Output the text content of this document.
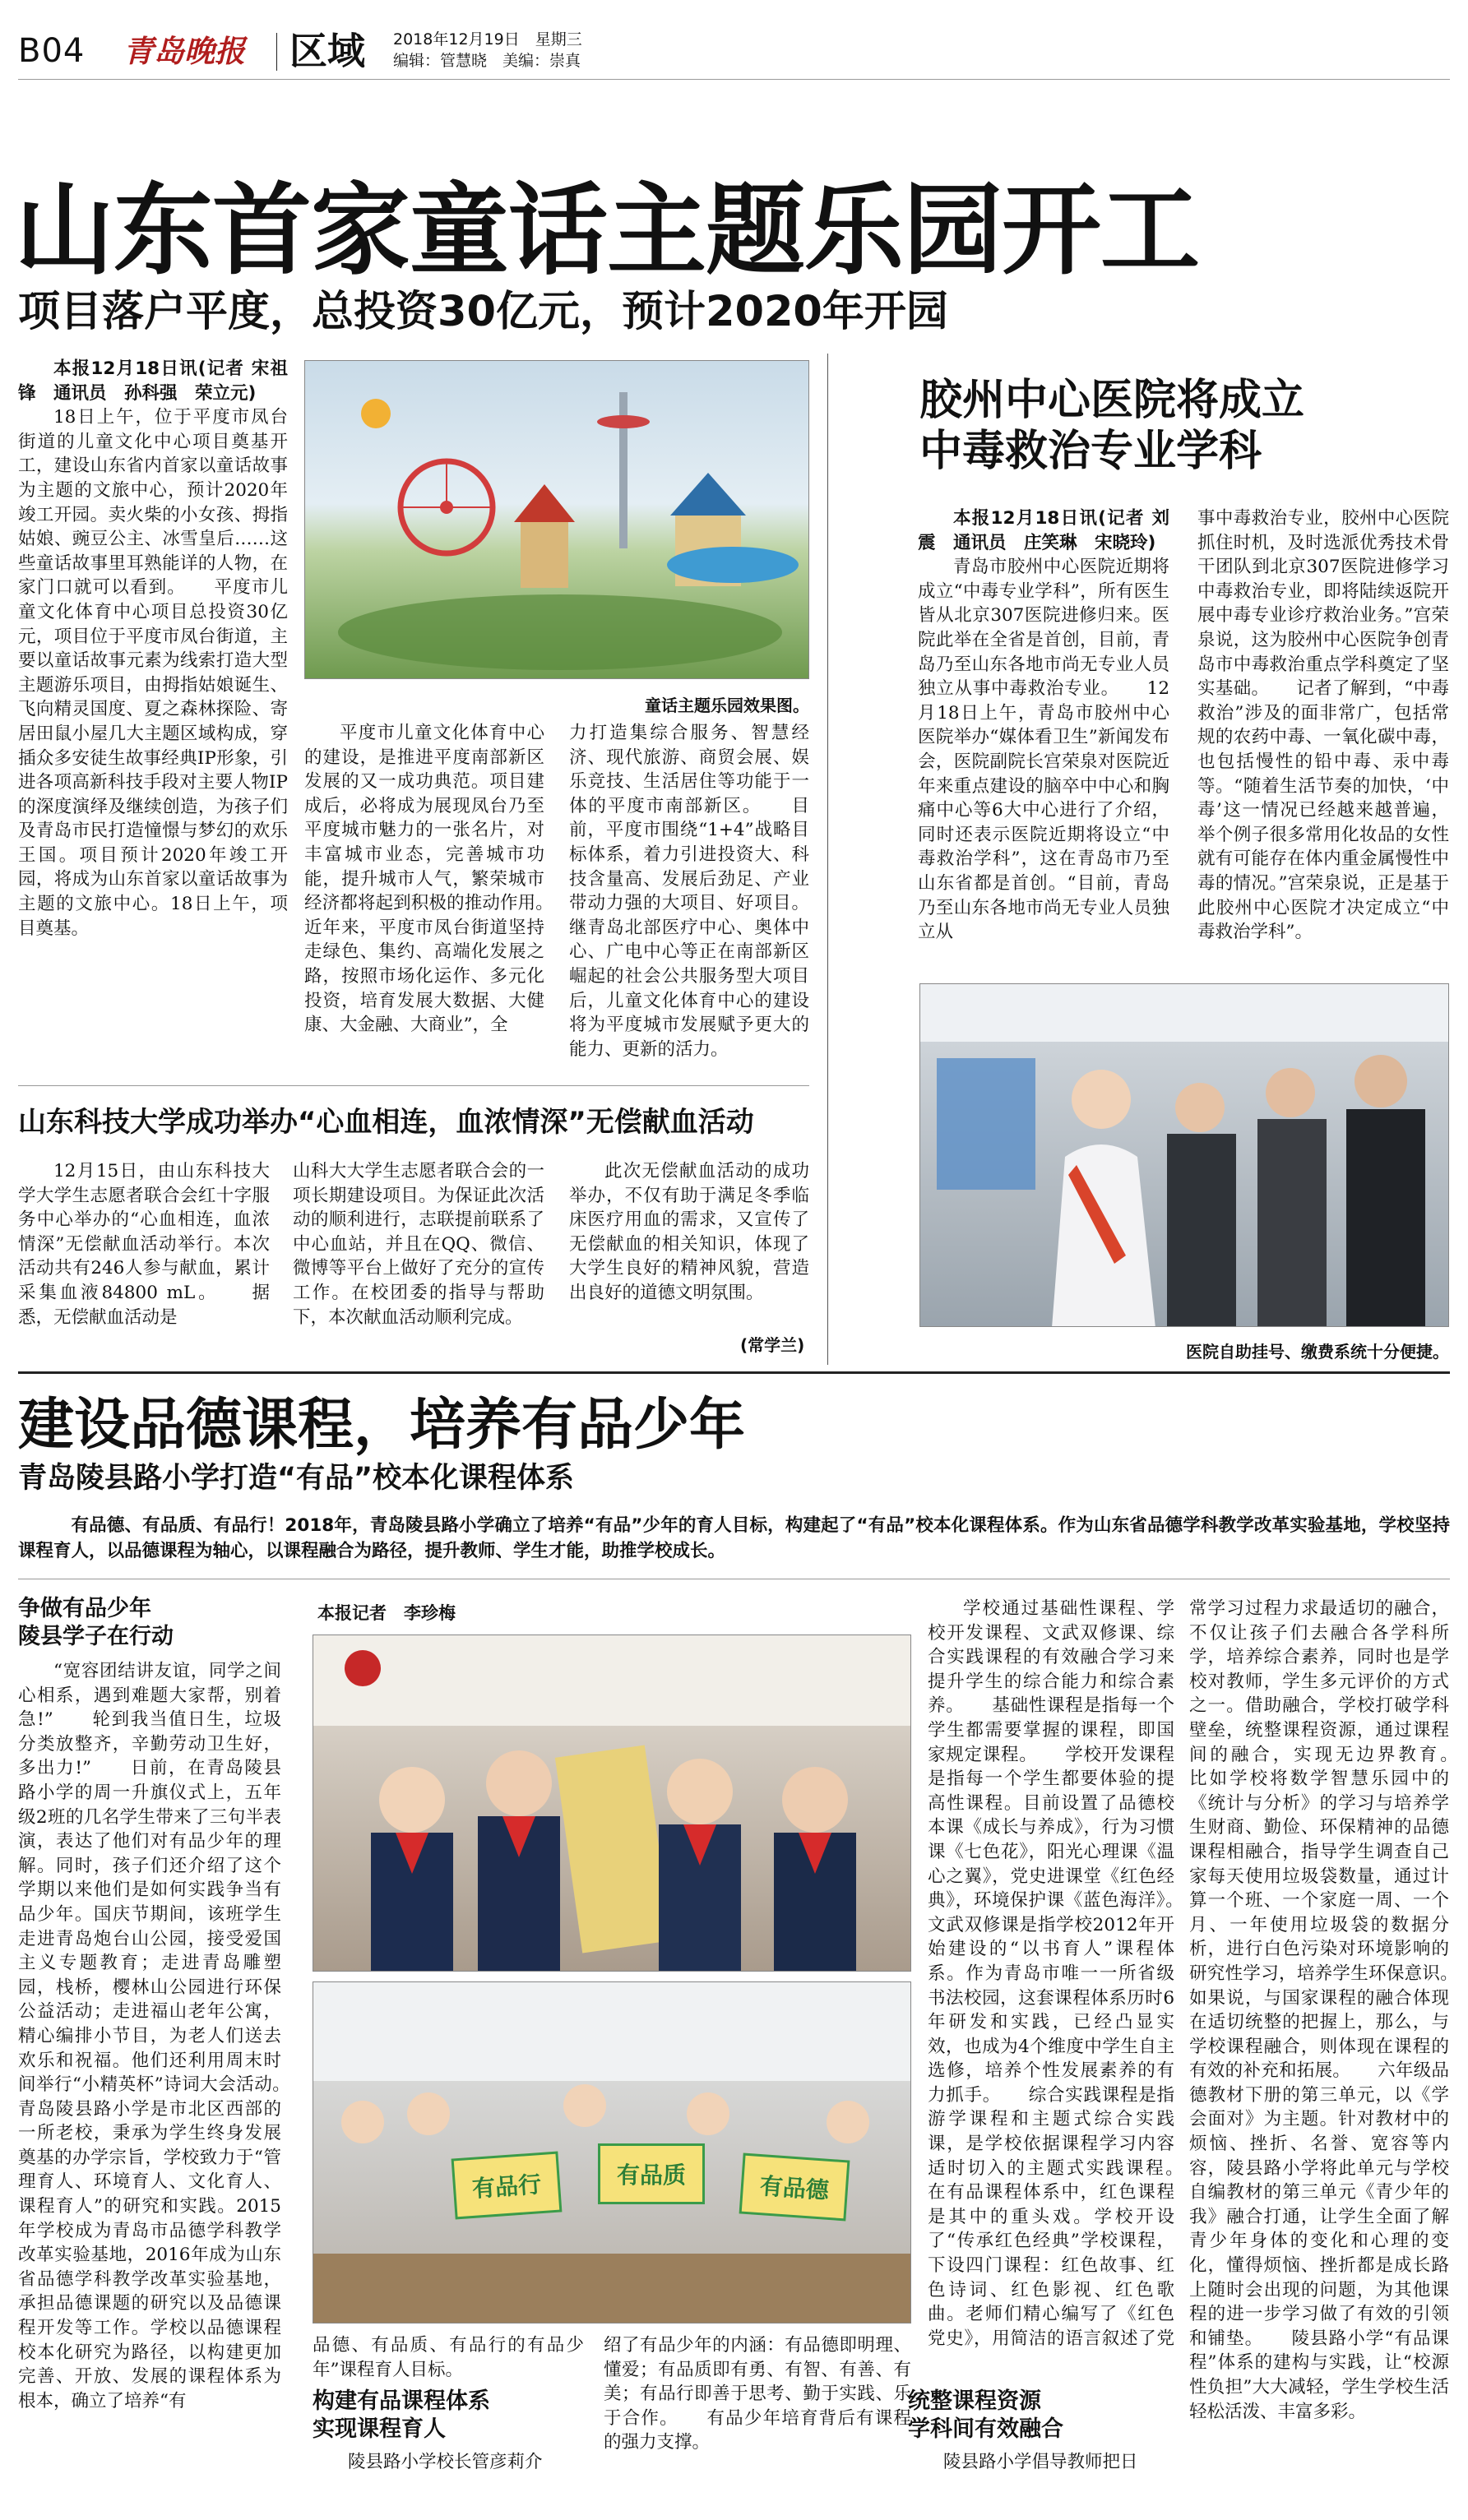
B04 青岛晚报 区域 2018年12月19日　星期三
编辑：管慧晓　美编：崇真
山东首家童话主题乐园开工
项目落户平度，总投资30亿元，预计2020年开园

本报12月18日讯(记者 宋祖锋　通讯员　孙科强　荣立元)

18日上午，位于平度市凤台街道的儿童文化中心项目奠基开工，建设山东省内首家以童话故事为主题的文旅中心，预计2020年竣工开园。卖火柴的小女孩、拇指姑娘、豌豆公主、冰雪皇后……这些童话故事里耳熟能详的人物，在家门口就可以看到。　　平度市儿童文化体育中心项目总投资30亿元，项目位于平度市凤台街道，主要以童话故事元素为线索打造大型主题游乐项目，由拇指姑娘诞生、飞向精灵国度、夏之森林探险、寄居田鼠小屋几大主题区域构成，穿插众多安徒生故事经典IP形象，引进各项高新科技手段对主要人物IP的深度演绎及继续创造，为孩子们及青岛市民打造憧憬与梦幻的欢乐王国。项目预计2020年竣工开园，将成为山东首家以童话故事为主题的文旅中心。18日上午，项目奠基。

童话主题乐园效果图。
平度市儿童文化体育中心的建设，是推进平度南部新区发展的又一成功典范。项目建成后，必将成为展现凤台乃至平度城市魅力的一张名片，对丰富城市业态，完善城市功能，提升城市人气，繁荣城市经济都将起到积极的推动作用。　　近年来，平度市凤台街道坚持走绿色、集约、高端化发展之路，按照市场化运作、多元化投资，培育发展大数据、大健康、大金融、大商业”，全
力打造集综合服务、智慧经济、现代旅游、商贸会展、娱乐竞技、生活居住等功能于一体的平度市南部新区。　　目前，平度市围绕“1+4”战略目标体系，着力引进投资大、科技含量高、发展后劲足、产业带动力强的大项目、好项目。继青岛北部医疗中心、奥体中心、广电中心等正在南部新区崛起的社会公共服务型大项目后，儿童文化体育中心的建设将为平度城市发展赋予更大的能力、更新的活力。
山东科技大学成功举办“心血相连，血浓情深”无偿献血活动
12月15日，由山东科技大学大学生志愿者联合会红十字服务中心举办的“心血相连，血浓情深”无偿献血活动举行。本次活动共有246人参与献血，累计采集血液84800 mL。　　据悉，无偿献血活动是
山科大大学生志愿者联合会的一项长期建设项目。为保证此次活动的顺利进行，志联提前联系了中心血站，并且在QQ、微信、微博等平台上做好了充分的宣传工作。在校团委的指导与帮助下，本次献血活动顺利完成。
此次无偿献血活动的成功举办，不仅有助于满足冬季临床医疗用血的需求，又宣传了无偿献血的相关知识，体现了大学生良好的精神风貌，营造出良好的道德文明氛围。
(常学兰)
胶州中心医院将成立
中毒救治专业学科

本报12月18日讯(记者 刘震　通讯员　庄笑琳　宋晓玲)

青岛市胶州中心医院近期将成立“中毒专业学科”，所有医生皆从北京307医院进修归来。医院此举在全省是首创，目前，青岛乃至山东各地市尚无专业人员独立从事中毒救治专业。　　12月18日上午，青岛市胶州中心医院举办“媒体看卫生”新闻发布会，医院副院长宫荣泉对医院近年来重点建设的脑卒中中心和胸痛中心等6大中心进行了介绍，同时还表示医院近期将设立“中毒救治学科”，这在青岛市乃至山东省都是首创。“目前，青岛乃至山东各地市尚无专业人员独立从

事中毒救治专业，胶州中心医院抓住时机，及时选派优秀技术骨干团队到北京307医院进修学习中毒救治专业，即将陆续返院开展中毒专业诊疗救治业务。”宫荣泉说，这为胶州中心医院争创青岛市中毒救治重点学科奠定了坚实基础。　　记者了解到，“中毒救治”涉及的面非常广，包括常规的农药中毒、一氧化碳中毒，也包括慢性的铅中毒、汞中毒等。“随着生活节奏的加快，‘中毒’这一情况已经越来越普遍，举个例子很多常用化妆品的女性就有可能存在体内重金属慢性中毒的情况。”宫荣泉说，正是基于此胶州中心医院才决定成立“中毒救治学科”。
医院自助挂号、缴费系统十分便捷。
建设品德课程，培养有品少年
青岛陵县路小学打造“有品”校本化课程体系
有品德、有品质、有品行！2018年，青岛陵县路小学确立了培养“有品”少年的育人目标，构建起了“有品”校本化课程体系。作为山东省品德学科教学改革实验基地，学校坚持课程育人，以品德课程为轴心，以课程融合为路径，提升教师、学生才能，助推学校成长。
争做有品少年
陵县学子在行动
“宽容团结讲友谊，同学之间心相系，遇到难题大家帮，别着急!”　　轮到我当值日生，垃圾分类放整齐，辛勤劳动卫生好，多出力!”　　日前，在青岛陵县路小学的周一升旗仪式上，五年级2班的几名学生带来了三句半表演，表达了他们对有品少年的理解。同时，孩子们还介绍了这个学期以来他们是如何实践争当有品少年。国庆节期间，该班学生走进青岛炮台山公园，接受爱国主义专题教育；走进青岛雕塑园，栈桥，樱林山公园进行环保公益活动；走进福山老年公寓，精心编排小节目，为老人们送去欢乐和祝福。他们还利用周末时间举行“小精英杯”诗词大会活动。　　青岛陵县路小学是市北区西部的一所老校，秉承为学生终身发展奠基的办学宗旨，学校致力于“管理育人、环境育人、文化育人、课程育人”的研究和实践。2015年学校成为青岛市品德学科教学改革实验基地，2016年成为山东省品德学科教学改革实验基地，承担品德课题的研究以及品德课程开发等工作。学校以品德课程校本化研究为路径，以构建更加完善、开放、发展的课程体系为根本，确立了培养“有
本报记者　李珍梅
有品行	有品质	有品德
品德、有品质、有品行的有品少年”课程育人目标。
构建有品课程体系
实现课程育人
陵县路小学校长管彦莉介
绍了有品少年的内涵：有品德即明理、懂爱；有品质即有勇、有智、有善、有美；有品行即善于思考、勤于实践、乐于合作。　　有品少年培育背后有课程的强力支撑。
学校通过基础性课程、学校开发课程、文武双修课、综合实践课程的有效融合学习来提升学生的综合能力和综合素养。　　基础性课程是指每一个学生都需要掌握的课程，即国家规定课程。　　学校开发课程是指每一个学生都要体验的提高性课程。目前设置了品德校本课《成长与养成》，行为习惯课《七色花》，阳光心理课《温心之翼》，党史进课堂《红色经典》，环境保护课《蓝色海洋》。　　文武双修课是指学校2012年开始建设的“以书育人”课程体系。作为青岛市唯一一所省级书法校园，这套课程体系历时6年研发和实践，已经凸显实效，也成为4个维度中学生自主选修，培养个性发展素养的有力抓手。　　综合实践课程是指游学课程和主题式综合实践课，是学校依据课程学习内容适时切入的主题式实践课程。　　在有品课程体系中，红色课程是其中的重头戏。学校开设了“传承红色经典”学校课程，下设四门课程：红色故事、红色诗词、红色影视、红色歌曲。老师们精心编写了《红色党史》，用简洁的语言叙述了党
统整课程资源
学科间有效融合
陵县路小学倡导教师把日
常学习过程力求最适切的融合，不仅让孩子们去融合各学科所学，培养综合素养，同时也是学校对教师，学生多元评价的方式之一。借助融合，学校打破学科壁垒，统整课程资源，通过课程间的融合，实现无边界教育。　　比如学校将数学智慧乐园中的《统计与分析》的学习与培养学生财商、勤俭、环保精神的品德课程相融合，指导学生调查自己家每天使用垃圾袋数量，通过计算一个班、一个家庭一周、一个月、一年使用垃圾袋的数据分析，进行白色污染对环境影响的研究性学习，培养学生环保意识。　　如果说，与国家课程的融合体现在适切统整的把握上，那么，与学校课程融合，则体现在课程的有效的补充和拓展。　　六年级品德教材下册的第三单元，以《学会面对》为主题。针对教材中的烦恼、挫折、名誉、宽容等内容，陵县路小学将此单元与学校自编教材的第三单元《青少年的我》融合打通，让学生全面了解青少年身体的变化和心理的变化，懂得烦恼、挫折都是成长路上随时会出现的问题，为其他课程的进一步学习做了有效的引领和铺垫。　　陵县路小学“有品课程”体系的建构与实践，让“校源性负担”大大减轻，学生学校生活轻松活泼、丰富多彩。
